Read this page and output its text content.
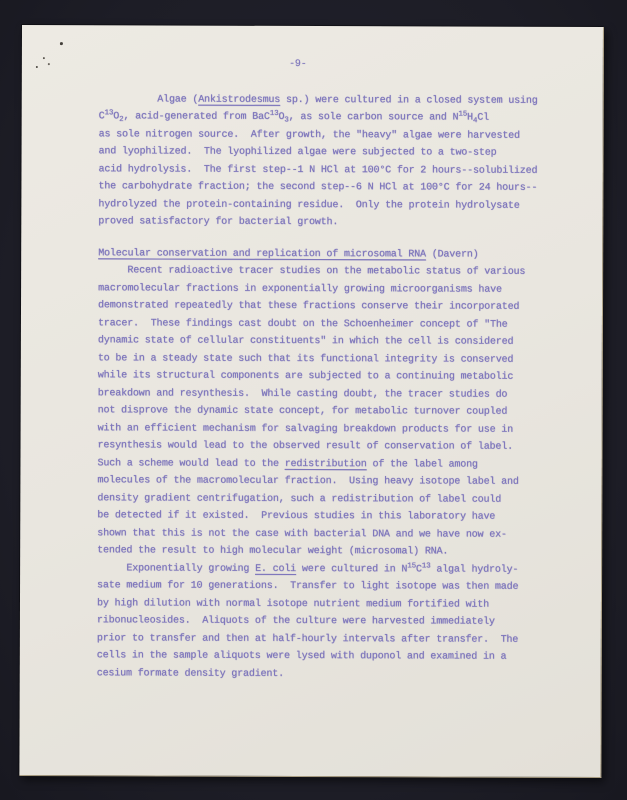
-9-
Algae (Ankistrodesmus sp.) were cultured in a closed system using
$C^{13}O_2$, acid-generated from $BaC^{13}O_3$, as sole carbon source and $N^{15}H_4Cl$
as sole nitrogen source.  After growth, the "heavy" algae were harvested
and lyophilized.  The lyophilized algae were subjected to a two-step
acid hydrolysis.  The first step--1 N HCl at 100°C for 2 hours--solubilized
the carbohydrate fraction; the second step--6 N HCl at 100°C for 24 hours--
hydrolyzed the protein-containing residue.  Only the protein hydrolysate
proved satisfactory for bacterial growth.
Molecular conservation and replication of microsomal RNA (Davern)
Recent radioactive tracer studies on the metabolic status of various
macromolecular fractions in exponentially growing microorganisms have
demonstrated repeatedly that these fractions conserve their incorporated
tracer.  These findings cast doubt on the Schoenheimer concept of "The
dynamic state of cellular constituents" in which the cell is considered
to be in a steady state such that its functional integrity is conserved
while its structural components are subjected to a continuing metabolic
breakdown and resynthesis.  While casting doubt, the tracer studies do
not disprove the dynamic state concept, for metabolic turnover coupled
with an efficient mechanism for salvaging breakdown products for use in
resynthesis would lead to the observed result of conservation of label.
Such a scheme would lead to the redistribution of the label among
molecules of the macromolecular fraction.  Using heavy isotope label and
density gradient centrifugation, such a redistribution of label could
be detected if it existed.  Previous studies in this laboratory have
shown that this is not the case with bacterial DNA and we have now ex-
tended the result to high molecular weight (microsomal) RNA.
Exponentially growing E. coli were cultured in $N^{15}C^{13}$ algal hydroly-
sate medium for 10 generations.  Transfer to light isotope was then made
by high dilution with normal isotope nutrient medium fortified with
ribonucleosides.  Aliquots of the culture were harvested immediately
prior to transfer and then at half-hourly intervals after transfer.  The
cells in the sample aliquots were lysed with duponol and examined in a
cesium formate density gradient.
